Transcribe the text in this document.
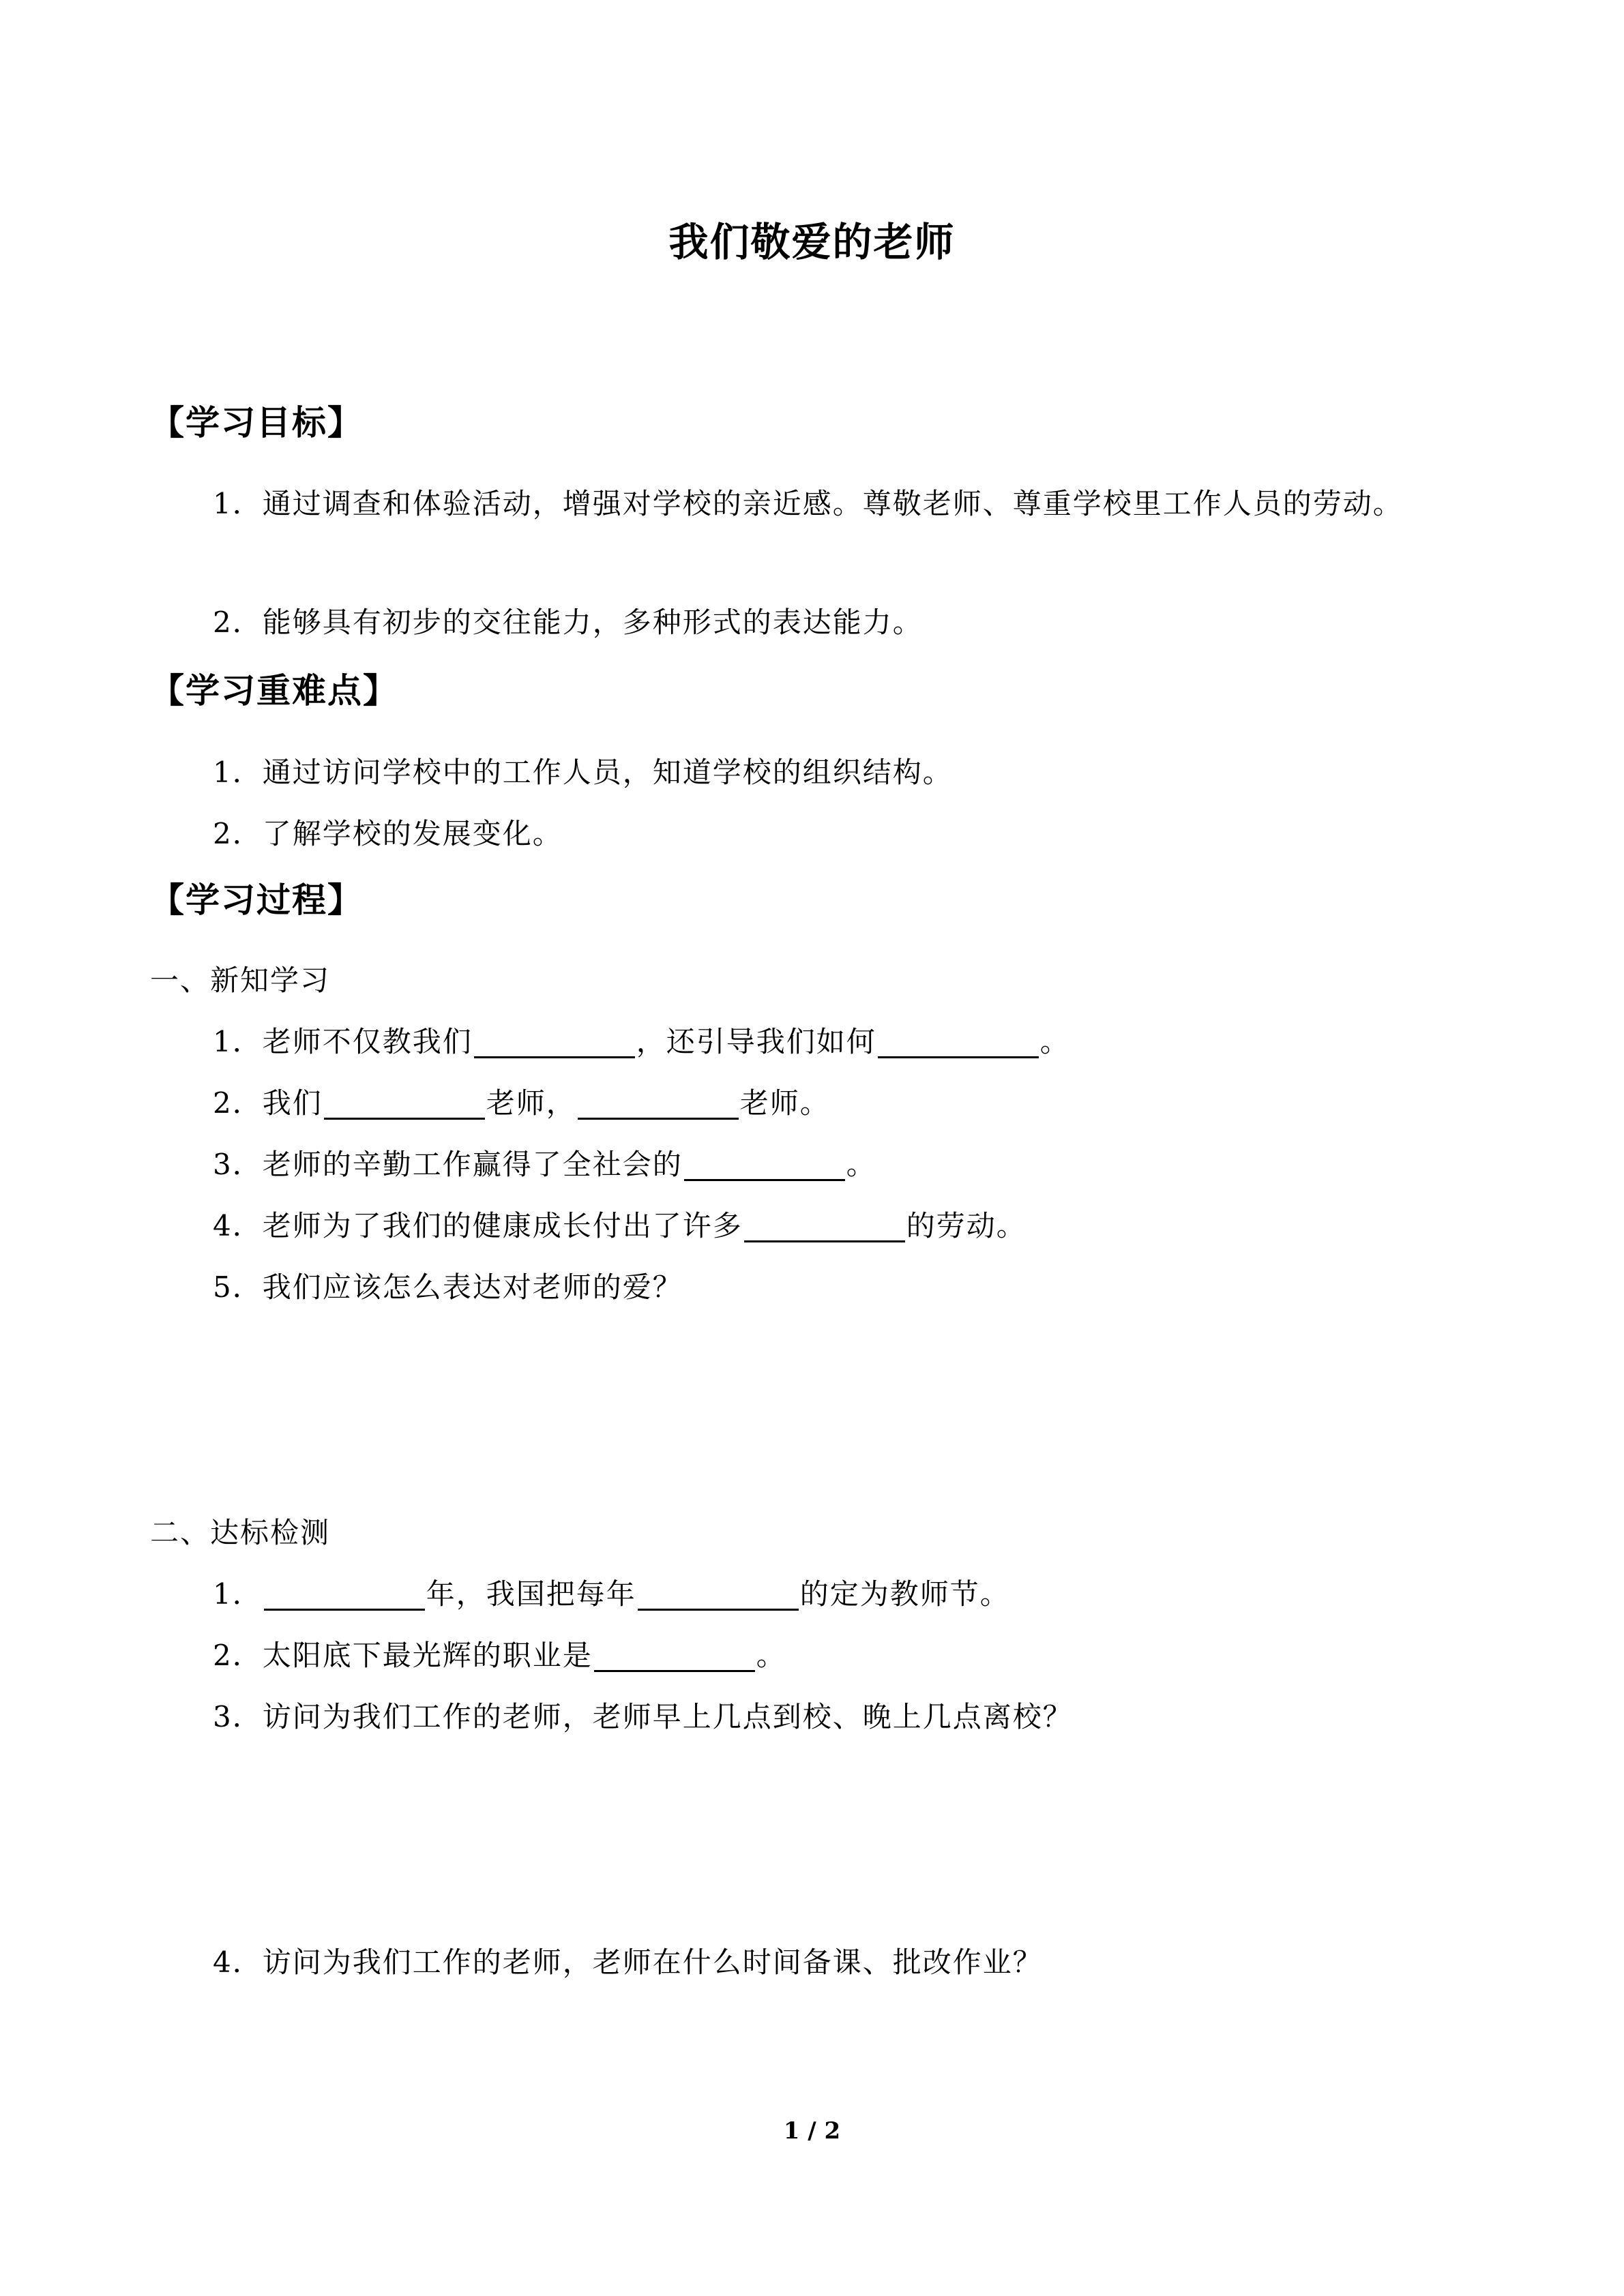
我们敬爱的老师
【学习目标】
1．通过调查和体验活动，增强对学校的亲近感。尊敬老师、尊重学校里工作人员的劳动。
2．能够具有初步的交往能力，多种形式的表达能力。
【学习重难点】
1．通过访问学校中的工作人员，知道学校的组织结构。
2．了解学校的发展变化。
【学习过程】
一、新知学习
1．老师不仅教我们	，还引导我们如何	。
2．我们	老师，	老师。
3．老师的辛勤工作赢得了全社会的	。
4．老师为了我们的健康成长付出了许多	的劳动。
5．我们应该怎么表达对老师的爱？
二、达标检测
1．	年，我国把每年	的定为教师节。
2．太阳底下最光辉的职业是	。
3．访问为我们工作的老师，老师早上几点到校、晚上几点离校？
4．访问为我们工作的老师，老师在什么时间备课、批改作业？
1 / 2
